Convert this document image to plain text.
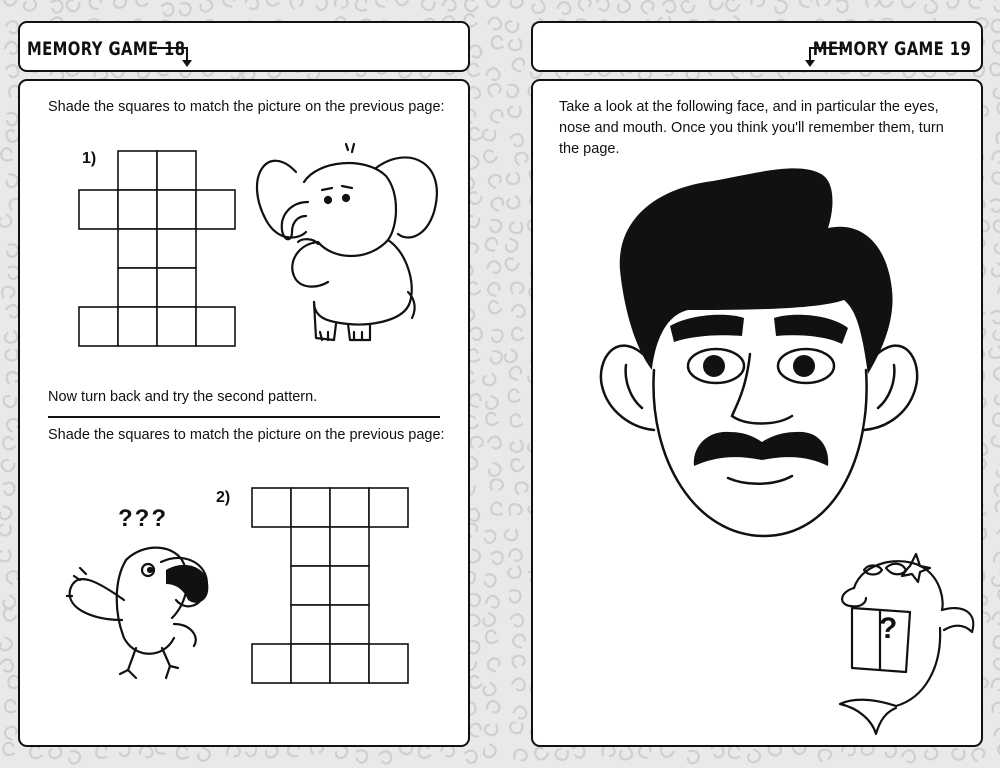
MEMORY GAME 18	MEMORY GAME 19
Shade the squares to match the picture on the previous page:
1)
Now turn back and try the second pattern.
Shade the squares to match the picture on the previous page:
2)
???
Take a look at the following face, and in particular the eyes, nose and mouth. Once you think you'll remember them, turn the page.
?
